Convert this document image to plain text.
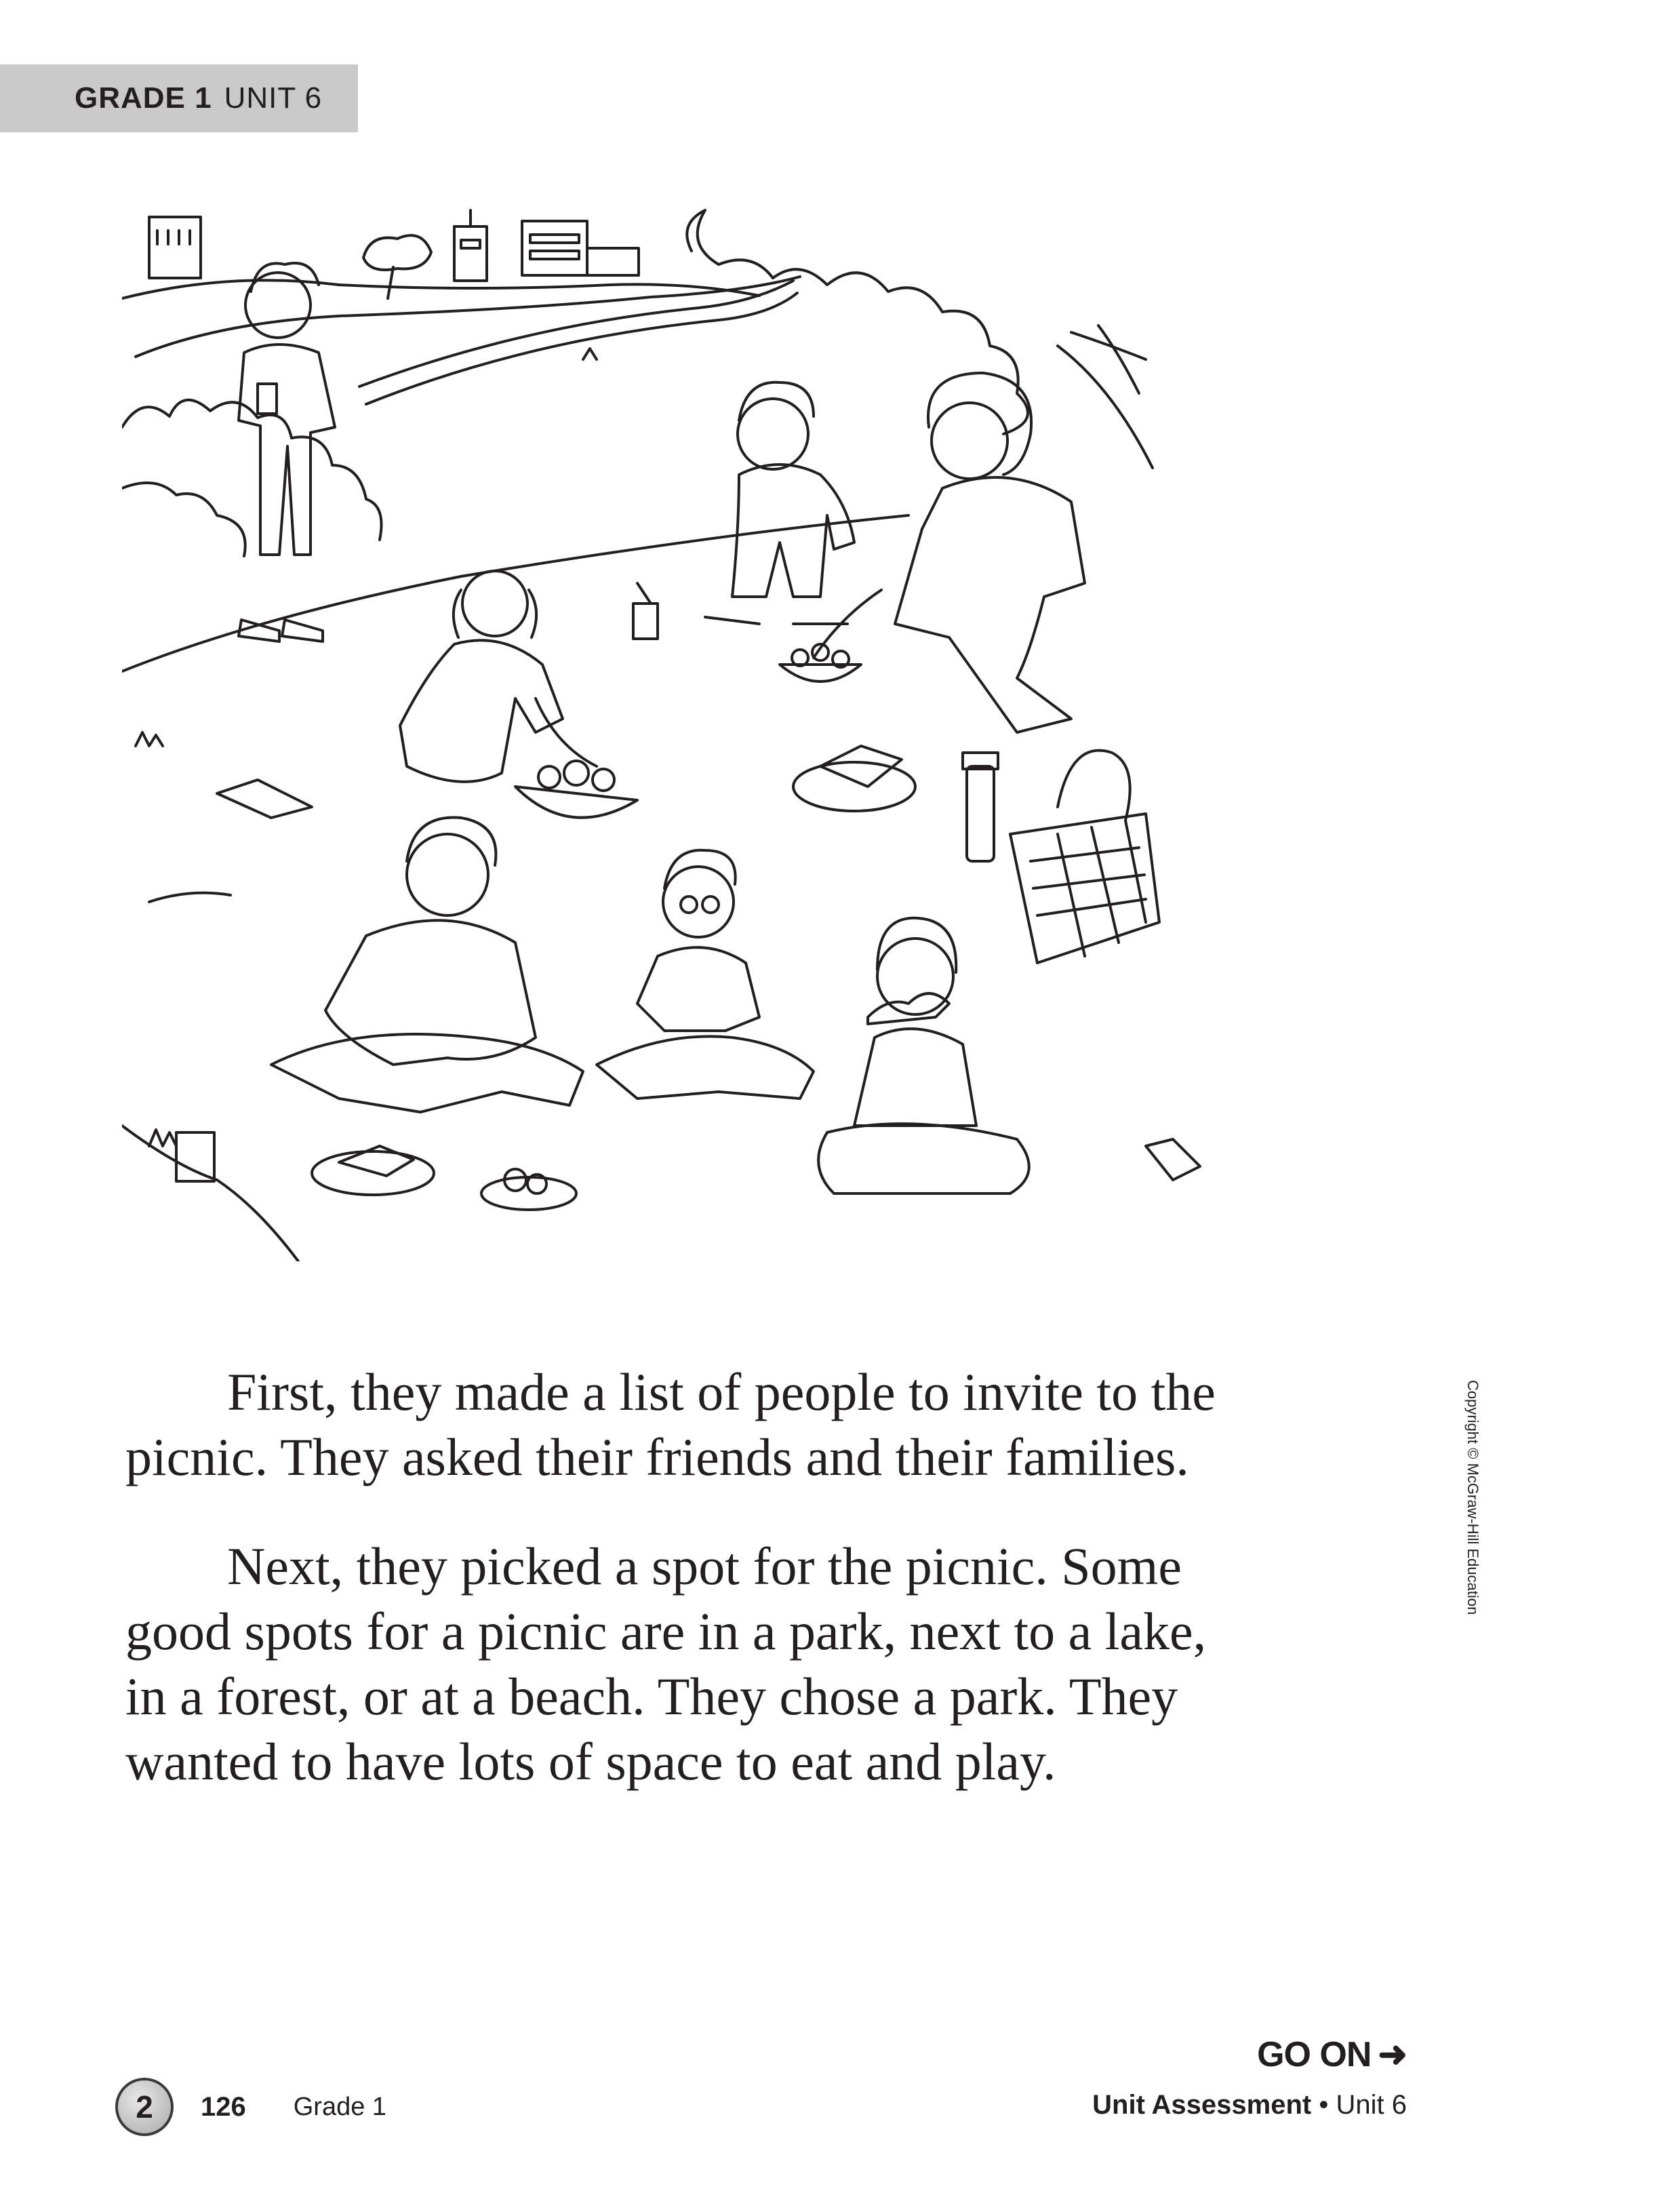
GRADE 1 UNIT 6

First, they made a list of people to invite to the picnic. They asked their friends and their families.

Next, they picked a spot for the picnic. Some good spots for a picnic are in a park, next to a lake, in a forest, or at a beach. They chose a park. They wanted to have lots of space to eat and play.

Copyright © McGraw-Hill Education
GO ON ➜
2	126 Grade 1	Unit Assessment • Unit 6
